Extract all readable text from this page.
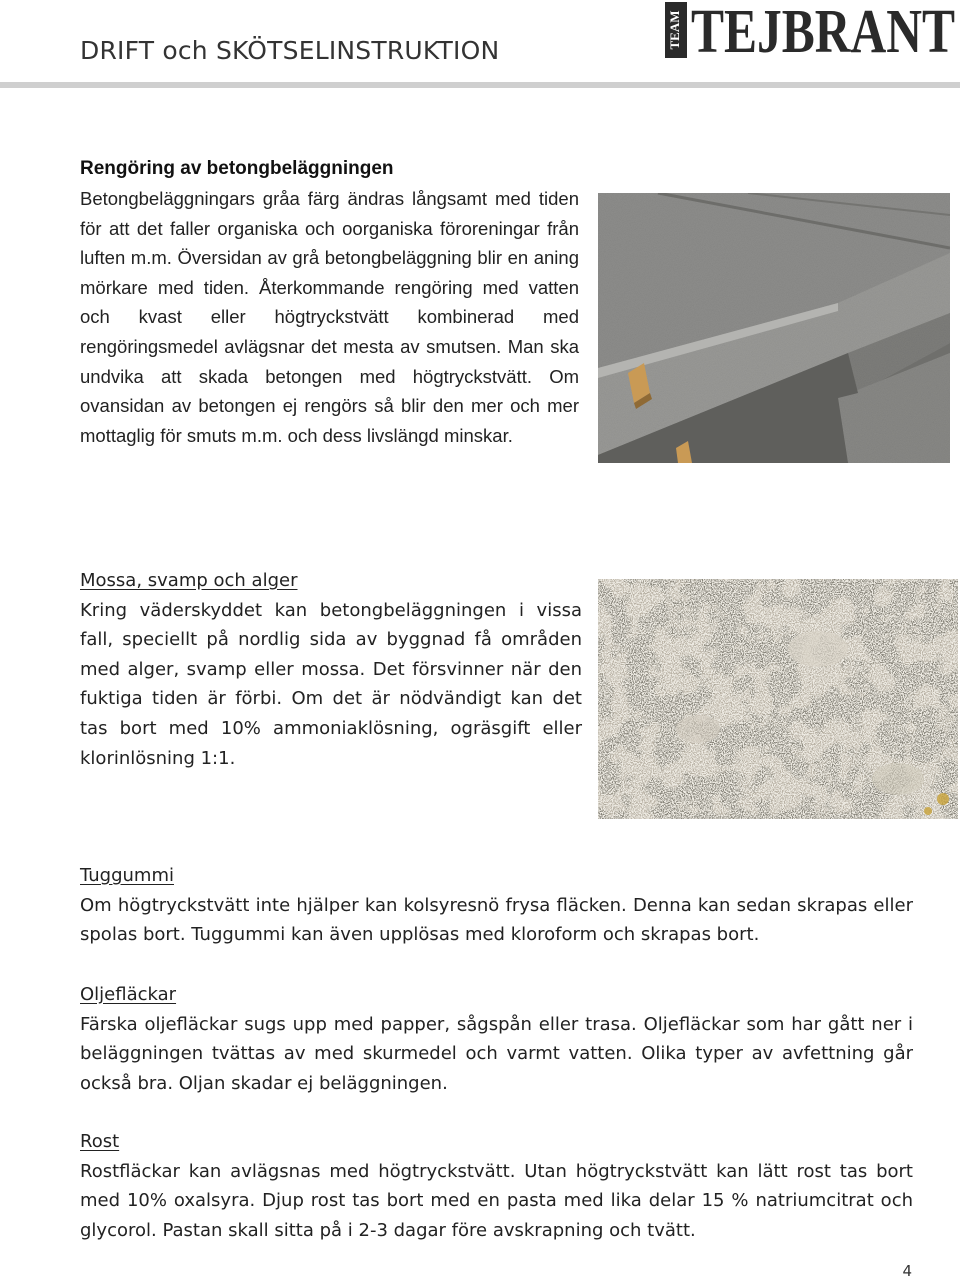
DRIFT och SKÖTSELINSTRUKTION
TEAM TEJBRANT

Rengöring av betongbeläggningen

Betongbeläggningars gråa färg ändras långsamt med tiden för att det faller organiska och oorganiska föroreningar från luften m.m. Översidan av grå betongbeläggning blir en aning mörkare med tiden. Återkommande rengöring med vatten och kvast eller högtryckstvätt kombinerad med rengöringsmedel avlägsnar det mesta av smutsen. Man ska undvika att skada betongen med högtryckstvätt. Om ovansidan av betongen ej rengörs så blir den mer och mer mottaglig för smuts m.m. och dess livslängd minskar.

Mossa, svamp och alger

Kring väderskyddet kan betongbeläggningen i vissa fall, speciellt på nordlig sida av byggnad få områden med alger, svamp eller mossa. Det försvinner när den fuktiga tiden är förbi. Om det är nödvändigt kan det tas bort med 10% ammoniaklösning, ogräsgift eller klorinlösning 1:1.

Tuggummi

Om högtryckstvätt inte hjälper kan kolsyresnö frysa fläcken. Denna kan sedan skrapas eller spolas bort. Tuggummi kan även upplösas med kloroform och skrapas bort.

Oljefläckar

Färska oljefläckar sugs upp med papper, sågspån eller trasa. Oljefläckar som har gått ner i beläggningen tvättas av med skurmedel och varmt vatten. Olika typer av avfettning går också bra. Oljan skadar ej beläggningen.

Rost

Rostfläckar kan avlägsnas med högtryckstvätt. Utan högtryckstvätt kan lätt rost tas bort med 10% oxalsyra. Djup rost tas bort med en pasta med lika delar 15 % natriumcitrat och glycorol. Pastan skall sitta på i 2-3 dagar före avskrapning och tvätt.

4
